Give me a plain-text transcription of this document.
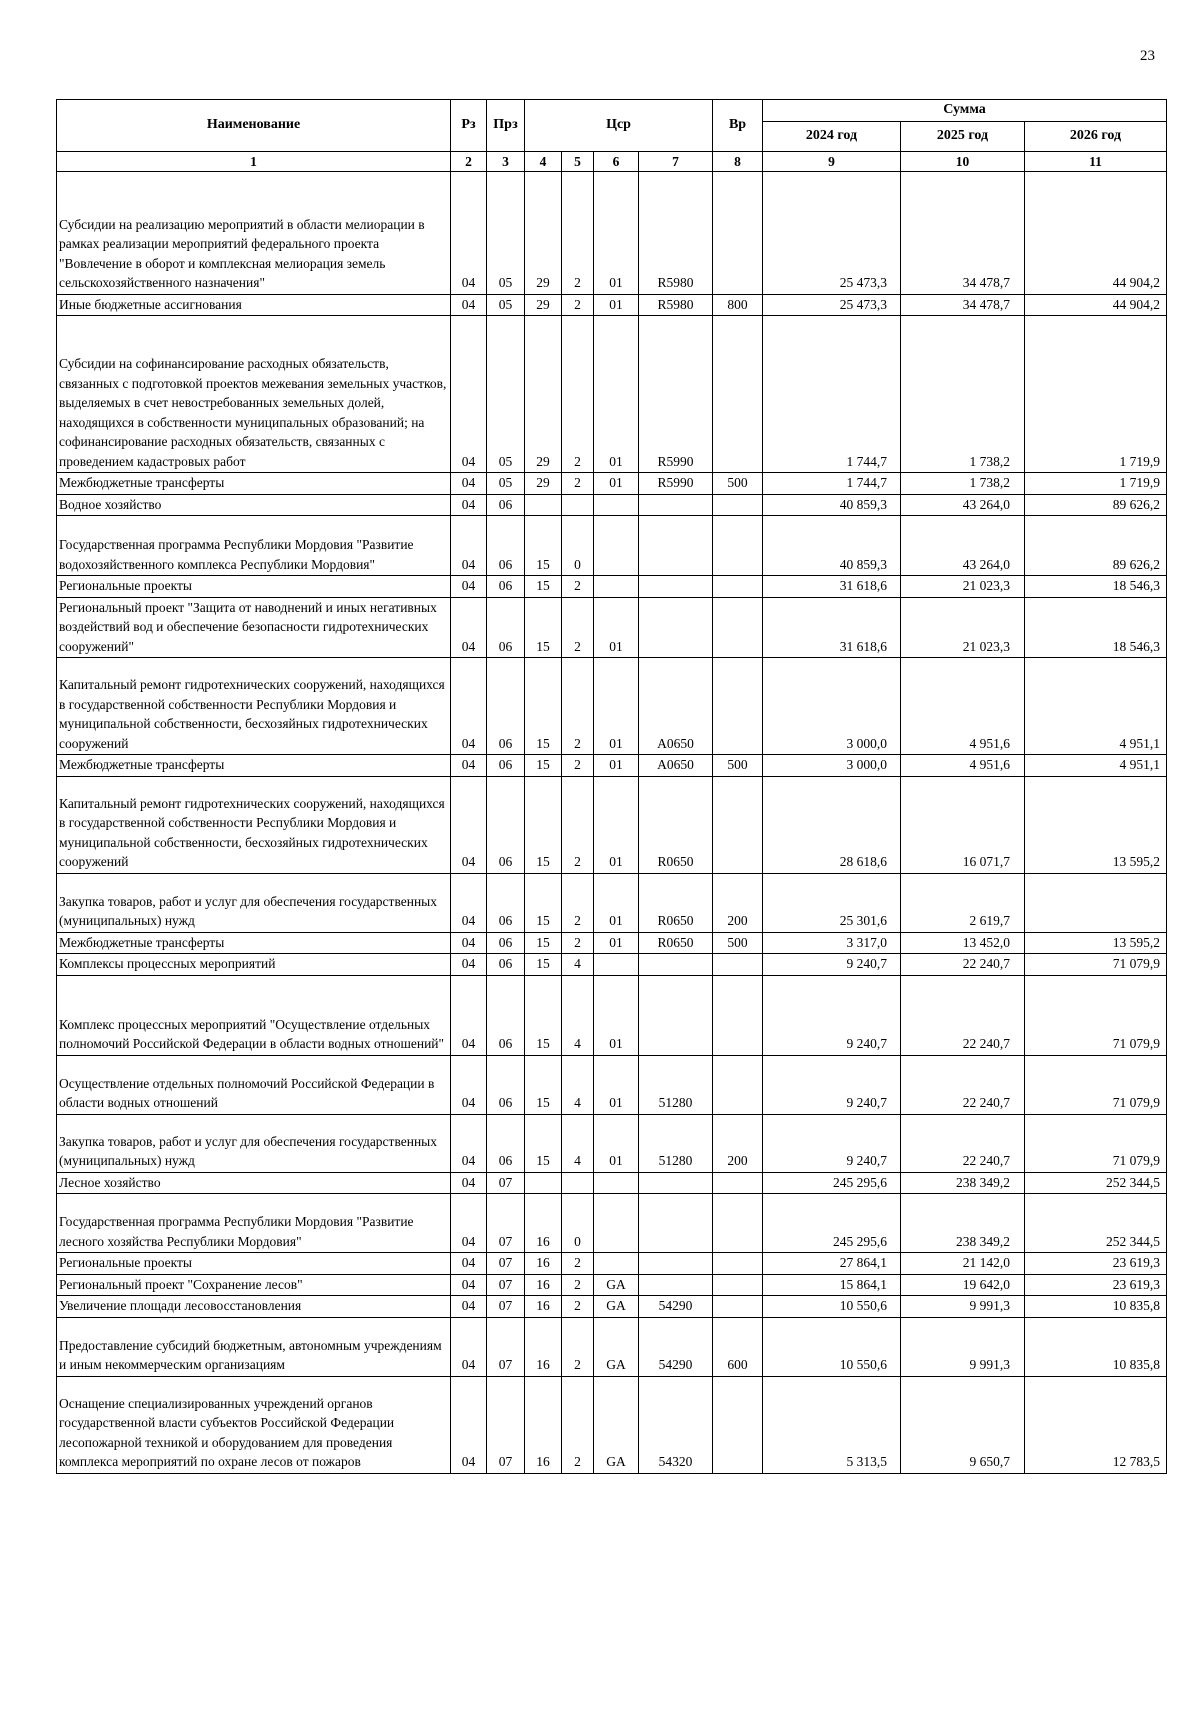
23
Наименование	Рз	Прз	Цср				Вр	Сумма		
								2024 год	2025 год	2026 год
1	2	3	4	5	6	7	8	9	10	11
Субсидии на реализацию мероприятий в области мелиорации в рамках реализации мероприятий федерального проекта "Вовлечение в оборот и комплексная мелиорация земель сельскохозяйственного назначения"	04	05	29	2	01	R5980		25 473,3	34 478,7	44 904,2
Иные бюджетные ассигнования	04	05	29	2	01	R5980	800	25 473,3	34 478,7	44 904,2
Субсидии на софинансирование расходных обязательств, связанных с подготовкой проектов межевания земельных участков, выделяемых в счет невостребованных земельных долей, находящихся в собственности муниципальных образований; на софинансирование расходных обязательств, связанных с проведением кадастровых работ	04	05	29	2	01	R5990		1 744,7	1 738,2	1 719,9
Межбюджетные трансферты	04	05	29	2	01	R5990	500	1 744,7	1 738,2	1 719,9
Водное хозяйство	04	06						40 859,3	43 264,0	89 626,2
Государственная программа Республики Мордовия "Развитие водохозяйственного комплекса Республики Мордовия"	04	06	15	0				40 859,3	43 264,0	89 626,2
Региональные проекты	04	06	15	2				31 618,6	21 023,3	18 546,3
Региональный проект "Защита от наводнений и иных негативных воздействий вод и обеспечение безопасности гидротехнических сооружений"	04	06	15	2	01			31 618,6	21 023,3	18 546,3
Капитальный ремонт гидротехнических сооружений, находящихся в государственной собственности Республики Мордовия и муниципальной собственности, бесхозяйных гидротехнических сооружений	04	06	15	2	01	A0650		3 000,0	4 951,6	4 951,1
Межбюджетные трансферты	04	06	15	2	01	A0650	500	3 000,0	4 951,6	4 951,1
Капитальный ремонт гидротехнических сооружений, находящихся в государственной собственности Республики Мордовия и муниципальной собственности, бесхозяйных гидротехнических сооружений	04	06	15	2	01	R0650		28 618,6	16 071,7	13 595,2
Закупка товаров, работ и услуг для обеспечения государственных (муниципальных) нужд	04	06	15	2	01	R0650	200	25 301,6	2 619,7	
Межбюджетные трансферты	04	06	15	2	01	R0650	500	3 317,0	13 452,0	13 595,2
Комплексы процессных мероприятий	04	06	15	4				9 240,7	22 240,7	71 079,9
Комплекс процессных мероприятий "Осуществление отдельных полномочий Российской Федерации в области водных отношений"	04	06	15	4	01			9 240,7	22 240,7	71 079,9
Осуществление отдельных полномочий Российской Федерации в области водных отношений	04	06	15	4	01	51280		9 240,7	22 240,7	71 079,9
Закупка товаров, работ и услуг для обеспечения государственных (муниципальных) нужд	04	06	15	4	01	51280	200	9 240,7	22 240,7	71 079,9
Лесное хозяйство	04	07						245 295,6	238 349,2	252 344,5
Государственная программа Республики Мордовия "Развитие лесного хозяйства Республики Мордовия"	04	07	16	0				245 295,6	238 349,2	252 344,5
Региональные проекты	04	07	16	2				27 864,1	21 142,0	23 619,3
Региональный проект "Сохранение лесов"	04	07	16	2	GA			15 864,1	19 642,0	23 619,3
Увеличение площади лесовосстановления	04	07	16	2	GA	54290		10 550,6	9 991,3	10 835,8
Предоставление субсидий бюджетным, автономным учреждениям и иным некоммерческим организациям	04	07	16	2	GA	54290	600	10 550,6	9 991,3	10 835,8
Оснащение специализированных учреждений органов государственной власти субъектов Российской Федерации лесопожарной техникой и оборудованием для проведения комплекса мероприятий по охране лесов от пожаров	04	07	16	2	GA	54320		5 313,5	9 650,7	12 783,5
